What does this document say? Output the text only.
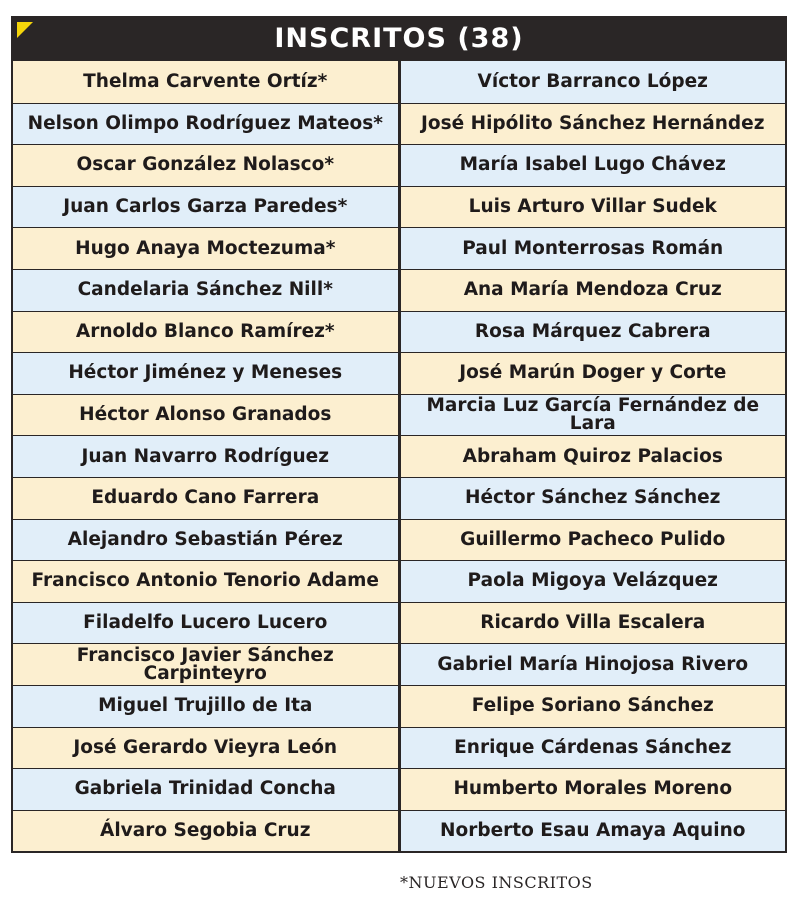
INSCRITOS (38)
Thelma Carvente Ortíz*
Nelson Olimpo Rodríguez Mateos*
Oscar González Nolasco*
Juan Carlos Garza Paredes*
Hugo Anaya Moctezuma*
Candelaria Sánchez Nill*
Arnoldo Blanco Ramírez*
Héctor Jiménez y Meneses
Héctor Alonso Granados
Juan Navarro Rodríguez
Eduardo Cano Farrera
Alejandro Sebastián Pérez
Francisco Antonio Tenorio Adame
Filadelfo Lucero Lucero
Francisco Javier Sánchez Carpinteyro
Miguel Trujillo de Ita
José Gerardo Vieyra León
Gabriela Trinidad Concha
Álvaro Segobia Cruz
Víctor Barranco López
José Hipólito Sánchez Hernández
María Isabel Lugo Chávez
Luis Arturo Villar Sudek
Paul Monterrosas Román
Ana María Mendoza Cruz
Rosa Márquez Cabrera
José Marún Doger y Corte
Marcia Luz García Fernández de Lara
Abraham Quiroz Palacios
Héctor Sánchez Sánchez
Guillermo Pacheco Pulido
Paola Migoya Velázquez
Ricardo Villa Escalera
Gabriel María Hinojosa Rivero
Felipe Soriano Sánchez
Enrique Cárdenas Sánchez
Humberto Morales Moreno
Norberto Esau Amaya Aquino
*NUEVOS INSCRITOS
